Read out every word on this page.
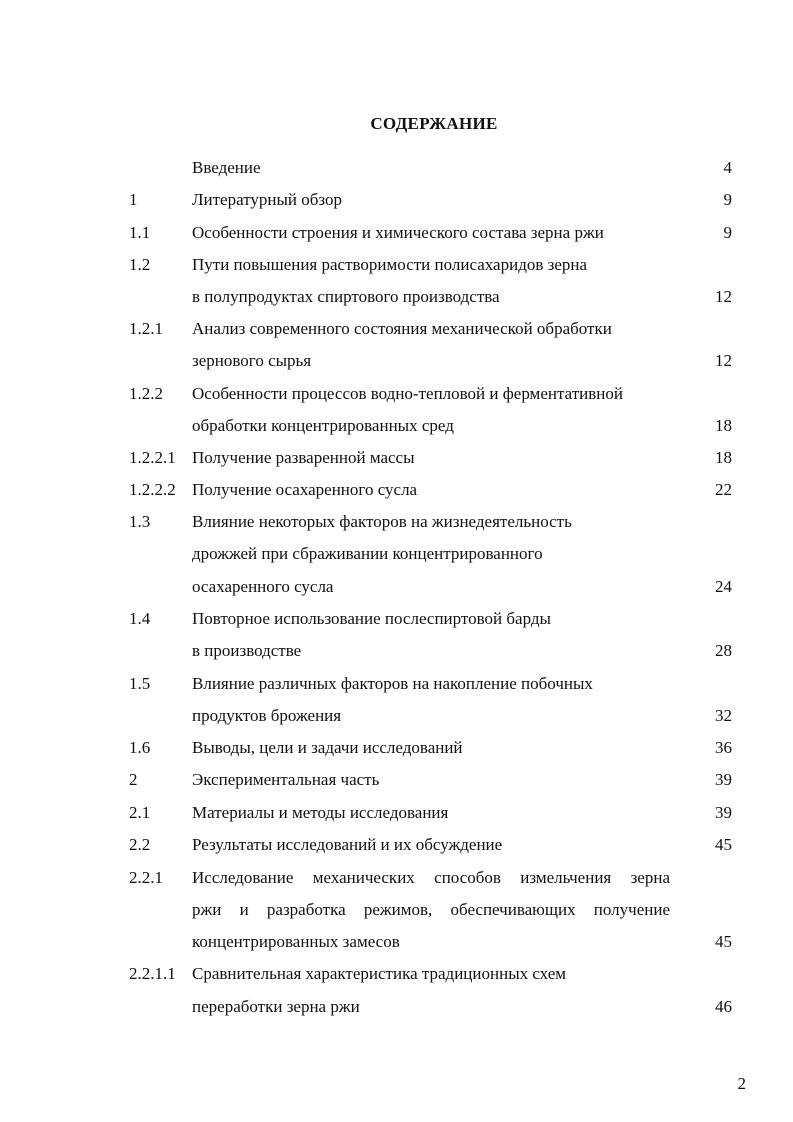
СОДЕРЖАНИЕ
Введение	4
1	Литературный обзор	9
1.1 Особенности строения и химического состава зерна ржи	9
1.2 Пути повышения растворимости полисахаридов зерна
в полупродуктах спиртового производства	12
1.2.1 Анализ современного состояния механической обработки
зернового сырья	12
1.2.2 Особенности процессов водно-тепловой и ферментативной
обработки концентрированных сред	18
1.2.2.1 Получение разваренной массы	18
1.2.2.2 Получение осахаренного сусла	22
1.3 Влияние некоторых факторов на жизнедеятельность
дрожжей при сбраживании концентрированного
осахаренного сусла	24
1.4 Повторное использование послеспиртовой барды
в производстве	28
1.5 Влияние различных факторов на накопление побочных
продуктов брожения	32
1.6 Выводы, цели и задачи исследований	36
2	Экспериментальная часть	39
2.1 Материалы и методы исследования	39
2.2 Результаты исследований и их обсуждение	45
2.2.1 Исследование механических способов измельчения зерна
ржи и разработка режимов, обеспечивающих получение
концентрированных замесов	45
2.2.1.1 Сравнительная характеристика традиционных схем
переработки зерна ржи	46
2
